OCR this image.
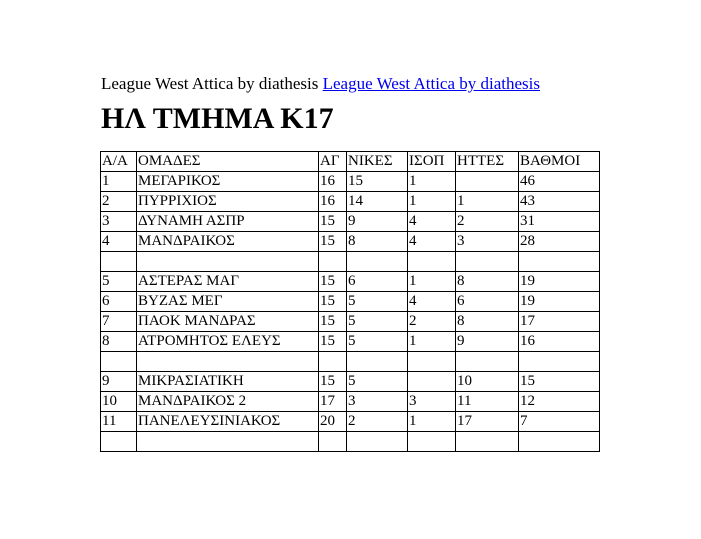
League West Attica by diathesis League West Attica by diathesis
ΗΛ ΤΜΗΜΑ Κ17
Α/Α	ΟΜΑΔΕΣ	ΑΓ	ΝΙΚΕΣ	ΙΣΟΠ	ΗΤΤΕΣ	ΒΑΘΜΟΙ
1	ΜΕΓΑΡΙΚΟΣ	16	15	1		46
2	ΠΥΡΡΙΧΙΟΣ	16	14	1	1	43
3	ΔΥΝΑΜΗ ΑΣΠΡ	15	9	4	2	31
4	ΜΑΝΔΡΑΙΚΟΣ	15	8	4	3	28

5	ΑΣΤΕΡΑΣ ΜΑΓ	15	6	1	8	19
6	ΒΥΖΑΣ ΜΕΓ	15	5	4	6	19
7	ΠΑΟΚ ΜΑΝΔΡΑΣ	15	5	2	8	17
8	ΑΤΡΟΜΗΤΟΣ ΕΛΕΥΣ	15	5	1	9	16

9	ΜΙΚΡΑΣΙΑΤΙΚΗ	15	5		10	15
10	ΜΑΝΔΡΑΙΚΟΣ 2	17	3	3	11	12
11	ΠΑΝΕΛΕΥΣΙΝΙΑΚΟΣ	20	2	1	17	7
